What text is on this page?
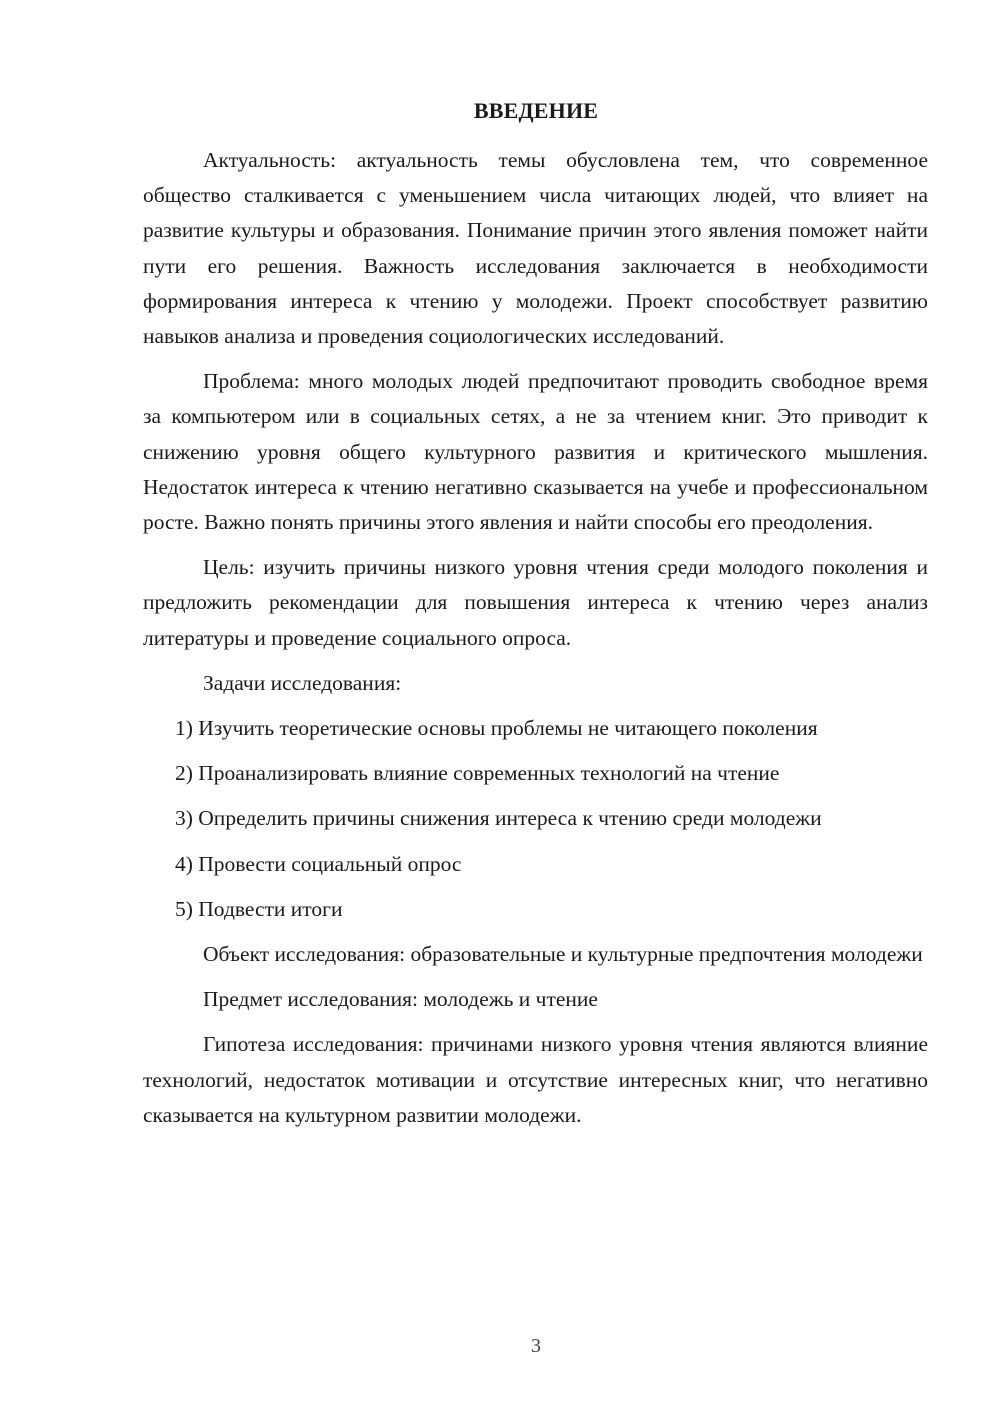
ВВЕДЕНИЕ

Актуальность: актуальность темы обусловлена тем, что современное общество сталкивается с уменьшением числа читающих людей, что влияет на развитие культуры и образования. Понимание причин этого явления поможет найти пути его решения. Важность исследования заключается в необходимости формирования интереса к чтению у молодежи. Проект способствует развитию навыков анализа и проведения социологических исследований.

Проблема: много молодых людей предпочитают проводить свободное время за компьютером или в социальных сетях, а не за чтением книг. Это приводит к снижению уровня общего культурного развития и критического мышления. Недостаток интереса к чтению негативно сказывается на учебе и профессиональном росте. Важно понять причины этого явления и найти способы его преодоления.

Цель: изучить причины низкого уровня чтения среди молодого поколения и предложить рекомендации для повышения интереса к чтению через анализ литературы и проведение социального опроса.

Задачи исследования:

1) Изучить теоретические основы проблемы не читающего поколения
2) Проанализировать влияние современных технологий на чтение
3) Определить причины снижения интереса к чтению среди молодежи
4) Провести социальный опрос
5) Подвести итоги

Объект исследования: образовательные и культурные предпочтения молодежи

Предмет исследования: молодежь и чтение

Гипотеза исследования: причинами низкого уровня чтения являются влияние технологий, недостаток мотивации и отсутствие интересных книг, что негативно сказывается на культурном развитии молодежи.

3
